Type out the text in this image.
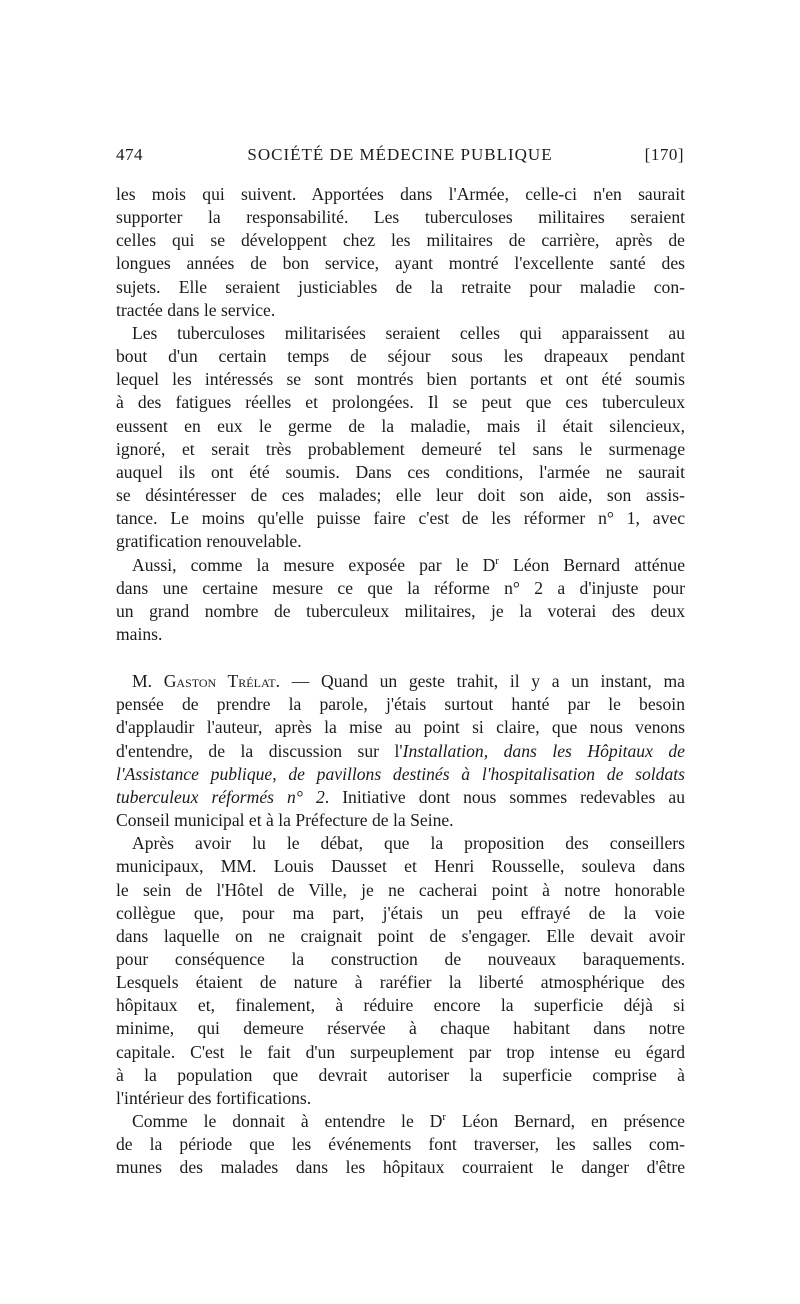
474	SOCIÉTÉ DE MÉDECINE PUBLIQUE	[170]

les mois qui suivent. Apportées dans l'Armée, celle-ci n'en saurait

supporter la responsabilité. Les tuberculoses militaires seraient

celles qui se développent chez les militaires de carrière, après de

longues années de bon service, ayant montré l'excellente santé des

sujets. Elle seraient justiciables de la retraite pour maladie con-

tractée dans le service.

Les tuberculoses militarisées seraient celles qui apparaissent au

bout d'un certain temps de séjour sous les drapeaux pendant

lequel les intéressés se sont montrés bien portants et ont été soumis

à des fatigues réelles et prolongées. Il se peut que ces tuberculeux

eussent en eux le germe de la maladie, mais il était silencieux,

ignoré, et serait très probablement demeuré tel sans le surmenage

auquel ils ont été soumis. Dans ces conditions, l'armée ne saurait

se désintéresser de ces malades; elle leur doit son aide, son assis-

tance. Le moins qu'elle puisse faire c'est de les réformer n° 1, avec

gratification renouvelable.

Aussi, comme la mesure exposée par le $D^r$ Léon Bernard atténue

dans une certaine mesure ce que la réforme n° 2 a d'injuste pour

un grand nombre de tuberculeux militaires, je la voterai des deux

mains.

M. Gaston Trélat. — Quand un geste trahit, il y a un instant, ma

pensée de prendre la parole, j'étais surtout hanté par le besoin

d'applaudir l'auteur, après la mise au point si claire, que nous venons

d'entendre, de la discussion sur l'Installation, dans les Hôpitaux de

l'Assistance publique, de pavillons destinés à l'hospitalisation de soldats

tuberculeux réformés n° 2. Initiative dont nous sommes redevables au

Conseil municipal et à la Préfecture de la Seine.

Après avoir lu le débat, que la proposition des conseillers

municipaux, MM. Louis Dausset et Henri Rousselle, souleva dans

le sein de l'Hôtel de Ville, je ne cacherai point à notre honorable

collègue que, pour ma part, j'étais un peu effrayé de la voie

dans laquelle on ne craignait point de s'engager. Elle devait avoir

pour conséquence la construction de nouveaux baraquements.

Lesquels étaient de nature à raréfier la liberté atmosphérique des

hôpitaux et, finalement, à réduire encore la superficie déjà si

minime, qui demeure réservée à chaque habitant dans notre

capitale. C'est le fait d'un surpeuplement par trop intense eu égard

à la population que devrait autoriser la superficie comprise à

l'intérieur des fortifications.

Comme le donnait à entendre le $D^r$ Léon Bernard, en présence

de la période que les événements font traverser, les salles com-

munes des malades dans les hôpitaux courraient le danger d'être
